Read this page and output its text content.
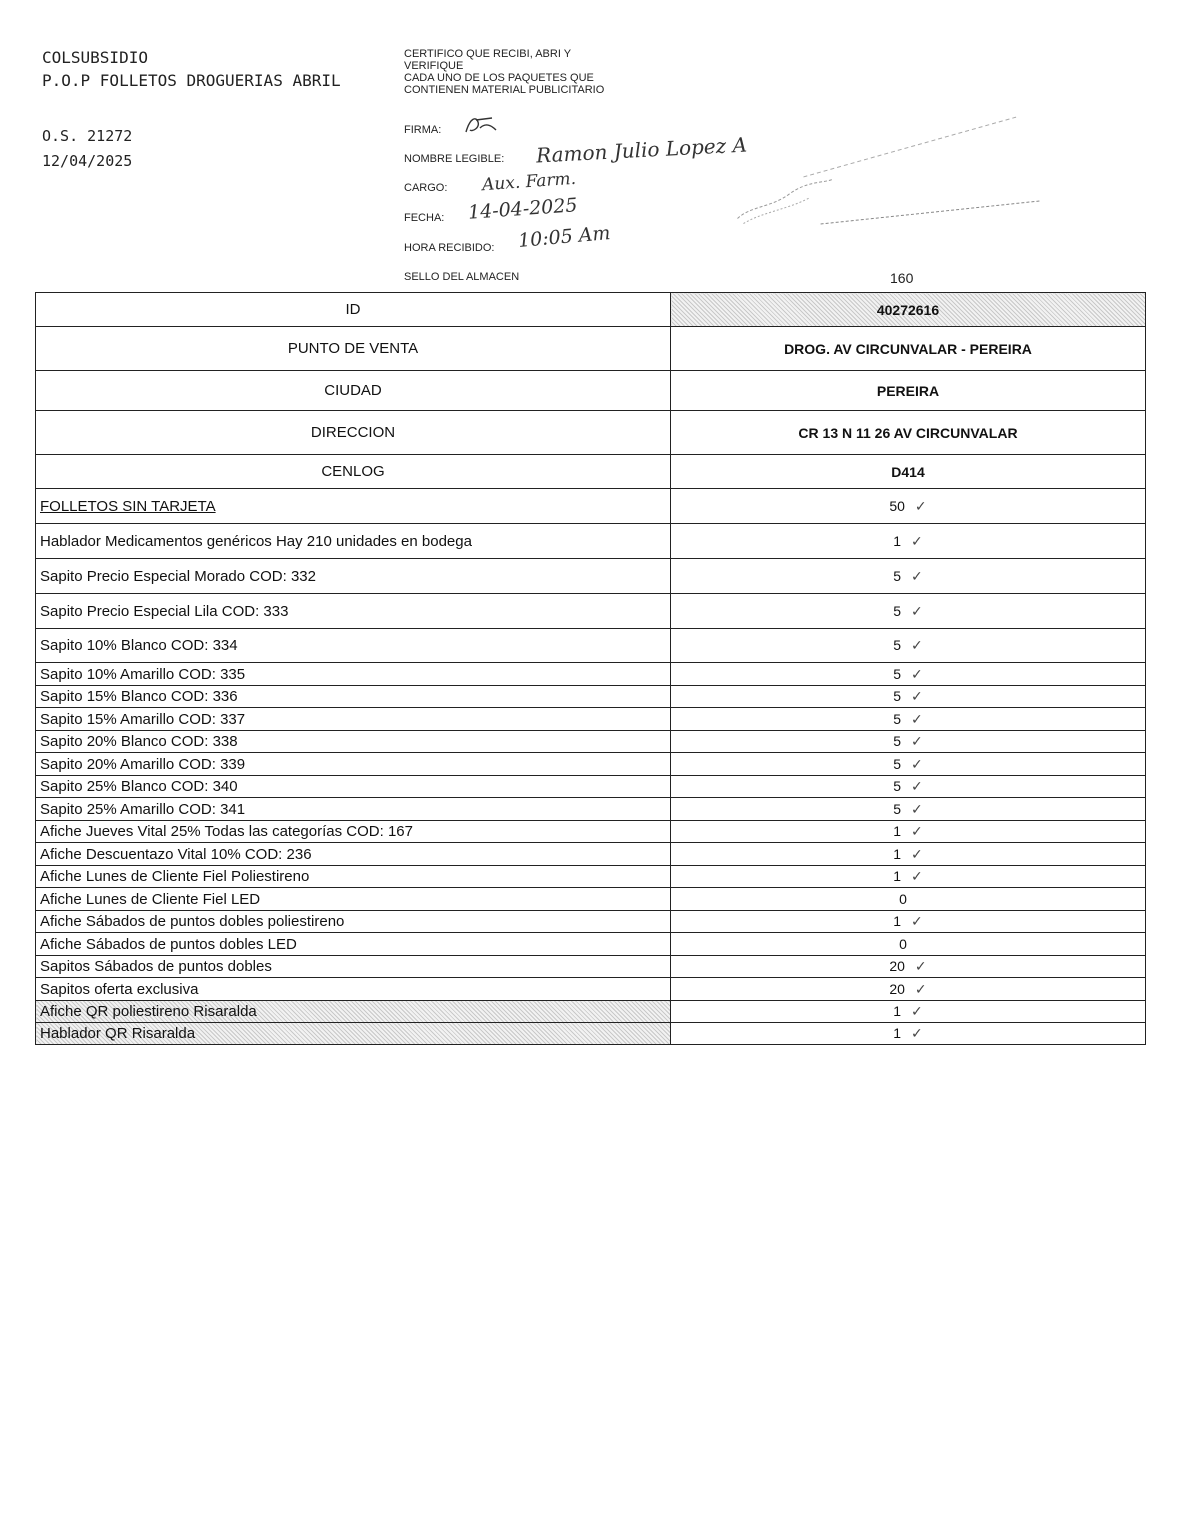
COLSUBSIDIO
P.O.P FOLLETOS DROGUERIAS ABRIL
O.S. 21272
12/04/2025
CERTIFICO QUE RECIBI, ABRI Y
VERIFIQUE
CADA UNO DE LOS PAQUETES QUE
CONTIENEN MATERIAL PUBLICITARIO
FIRMA:
NOMBRE LEGIBLE: Ramon Julio Lopez A
CARGO: Aux. Farm.
FECHA: 14-04-2025
HORA RECIBIDO: 10:05 Am
SELLO DEL ALMACEN	160
ID	40272616
PUNTO DE VENTA	DROG. AV CIRCUNVALAR - PEREIRA
CIUDAD	PEREIRA
DIRECCION	CR 13 N 11 26 AV CIRCUNVALAR
CENLOG	D414
FOLLETOS SIN TARJETA	50 ✓
Hablador Medicamentos genéricos Hay 210 unidades en bodega	1 ✓
Sapito Precio Especial Morado COD: 332	5 ✓
Sapito Precio Especial Lila COD: 333	5 ✓
Sapito 10% Blanco COD: 334	5 ✓
Sapito 10% Amarillo COD: 335	5 ✓
Sapito 15% Blanco COD: 336	5 ✓
Sapito 15% Amarillo COD: 337	5 ✓
Sapito 20% Blanco COD: 338	5 ✓
Sapito 20% Amarillo COD: 339	5 ✓
Sapito 25% Blanco COD: 340	5 ✓
Sapito 25% Amarillo COD: 341	5 ✓
Afiche Jueves Vital 25% Todas las categorías COD: 167	1 ✓
Afiche Descuentazo Vital 10% COD: 236	1 ✓
Afiche Lunes de Cliente Fiel Poliestireno	1 ✓
Afiche Lunes de Cliente Fiel LED	0
Afiche Sábados de puntos dobles poliestireno	1 ✓
Afiche Sábados de puntos dobles LED	0
Sapitos Sábados de puntos dobles	20 ✓
Sapitos oferta exclusiva	20 ✓
Afiche QR poliestireno Risaralda	1 ✓
Hablador QR Risaralda	1 ✓
